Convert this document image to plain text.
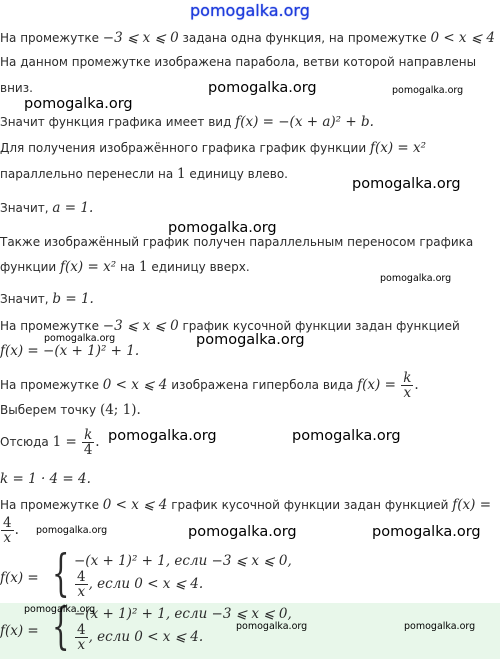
pomogalka.org
На промежутке −3 ⩽ x ⩽ 0 задана одна функция, на промежутке 0 < x ⩽ 4
На данном промежутке изображена парабола, ветви которой направлены
вниз.
Значит функция графика имеет вид f(x) = −(x + a)² + b.
Для получения изображённого графика график функции f(x) = x²
параллельно перенесли на 1 единицу влево.
Значит, a = 1.
Также изображённый график получен параллельным переносом графика
функции f(x) = x² на 1 единицу вверх.
Значит, b = 1.
На промежутке −3 ⩽ x ⩽ 0 график кусочной функции задан функцией
f(x) = −(x + 1)² + 1.
На промежутке 0 < x ⩽ 4 изображена гипербола вида $f(x) = \frac{k}{x}$ .
Выберем точку (4; 1).
Отсюда $1 = \frac{k}{4}$ .
k = 1 · 4 = 4.
На промежутке 0 < x ⩽ 4 график кусочной функции задан функцией f(x) =
$\frac{4}{x}$ .
f(x) = { −(x + 1)² + 1, если −3 ⩽ x ⩽ 0,
$\frac{4}{x}$ , если 0 < x ⩽ 4.
f(x) = { −(x + 1)² + 1, если −3 ⩽ x ⩽ 0,
$\frac{4}{x}$ , если 0 < x ⩽ 4.
pomogalka.org	pomogalka.org
pomogalka.org
pomogalka.org
pomogalka.org
pomogalka.org
pomogalka.org	pomogalka.org
pomogalka.org	pomogalka.org
pomogalka.org	pomogalka.org	pomogalka.org
pomogalka.org
pomogalka.org	pomogalka.org
